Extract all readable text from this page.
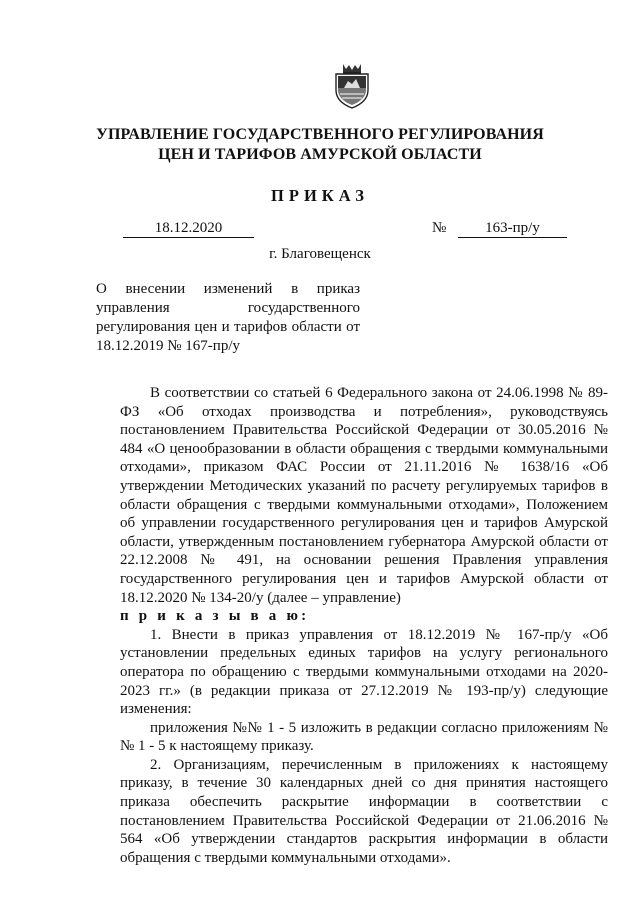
УПРАВЛЕНИЕ ГОСУДАРСТВЕННОГО РЕГУЛИРОВАНИЯ
ЦЕН И ТАРИФОВ АМУРСКОЙ ОБЛАСТИ
ПРИКАЗ
18.12.2020	№	163-пр/у
г. Благовещенск
О внесении изменений в приказ управления государственного регулирования цен и тарифов области от 18.12.2019 № 167-пр/у

В соответствии со статьей 6 Федерального закона от 24.06.1998 № 89-ФЗ «Об отходах производства и потребления», руководствуясь постановлением Правительства Российской Федерации от 30.05.2016 № 484 «О ценообразовании в области обращения с твердыми коммунальными отходами», приказом ФАС России от 21.11.2016 № 1638/16 «Об утверждении Методических указаний по расчету регулируемых тарифов в области обращения с твердыми коммунальными отходами», Положением об управлении государственного регулирования цен и тарифов Амурской области, утвержденным постановлением губернатора Амурской области от 22.12.2008 № 491, на основании решения Правления управления государственного регулирования цен и тарифов Амурской области от 18.12.2020 № 134-20/у (далее – управление)

п р и к а з ы в а ю:

1. Внести в приказ управления от 18.12.2019 № 167-пр/у «Об установлении предельных единых тарифов на услугу регионального оператора по обращению с твердыми коммунальными отходами на 2020-2023 гг.» (в редакции приказа от 27.12.2019 № 193-пр/у) следующие изменения:

приложения №№ 1 - 5 изложить в редакции согласно приложениям №№ 1 - 5 к настоящему приказу.

2. Организациям, перечисленным в приложениях к настоящему приказу, в течение 30 календарных дней со дня принятия настоящего приказа обеспечить раскрытие информации в соответствии с постановлением Правительства Российской Федерации от 21.06.2016 № 564 «Об утверждении стандартов раскрытия информации в области обращения с твердыми коммунальными отходами».
